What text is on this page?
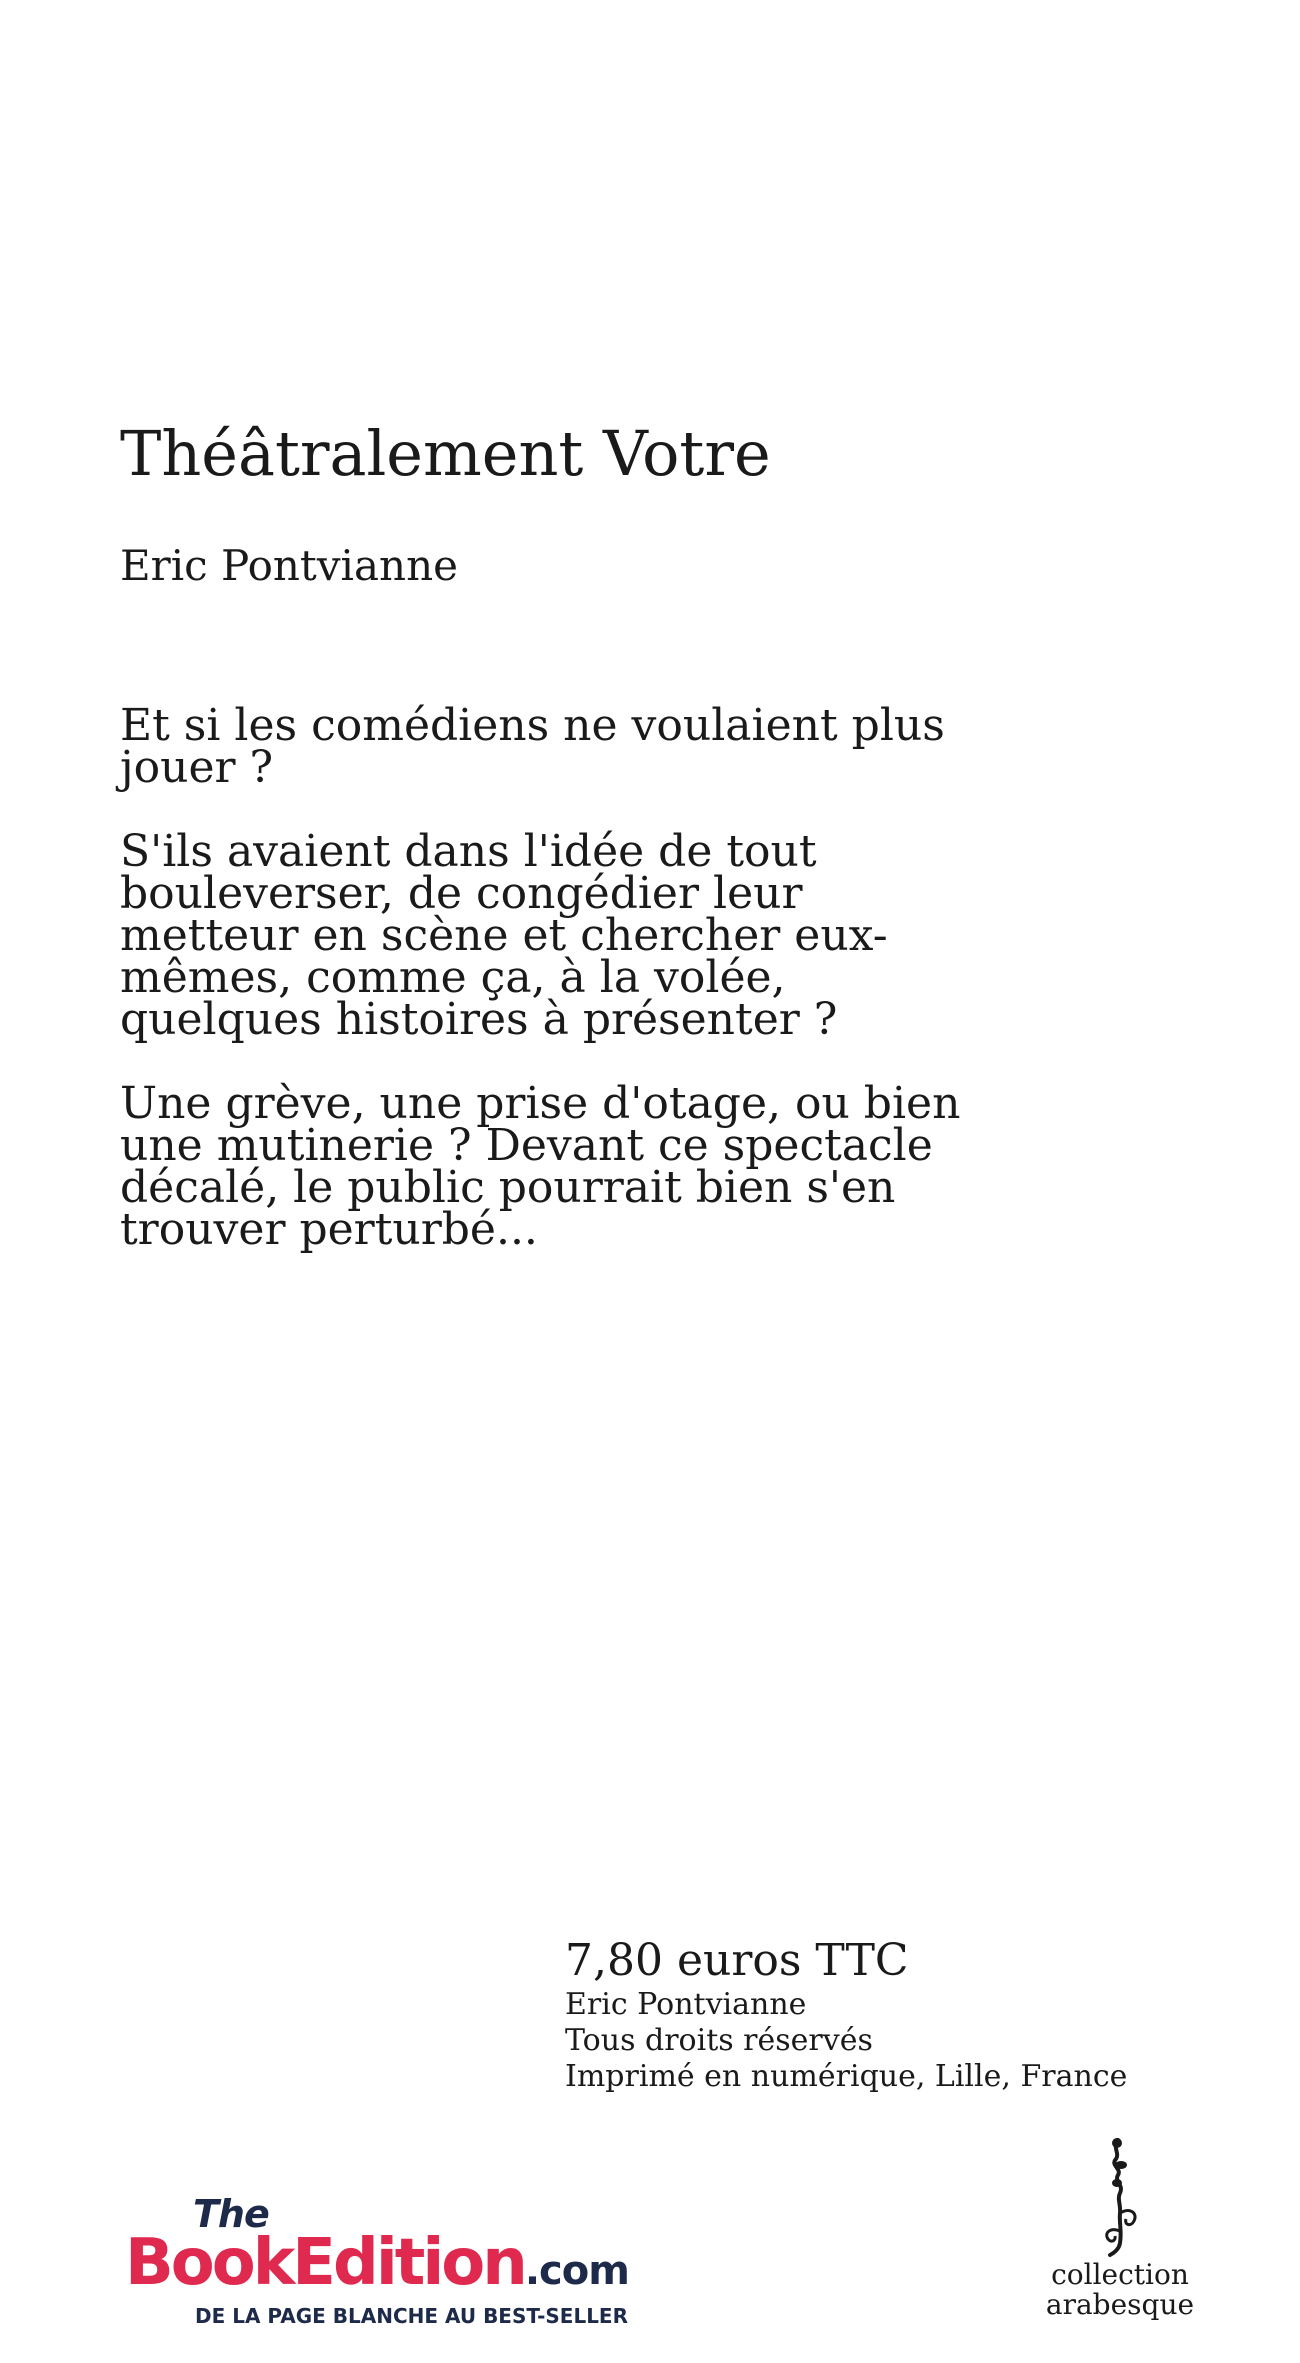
Théâtralement Votre
Eric Pontvianne

Et si les comédiens ne voulaient plus jouer ?

S'ils avaient dans l'idée de tout bouleverser, de congédier leur metteur en scène et chercher eux-mêmes, comme ça, à la volée, quelques histoires à présenter ?

Une grève, une prise d'otage, ou bien une mutinerie ? Devant ce spectacle décalé, le public pourrait bien s'en trouver perturbé...

7,80 euros TTC
Eric Pontvianne
Tous droits réservés
Imprimé en numérique, Lille, France
The
BookEdition.com
DE LA PAGE BLANCHE AU BEST-SELLER
collection
arabesque
